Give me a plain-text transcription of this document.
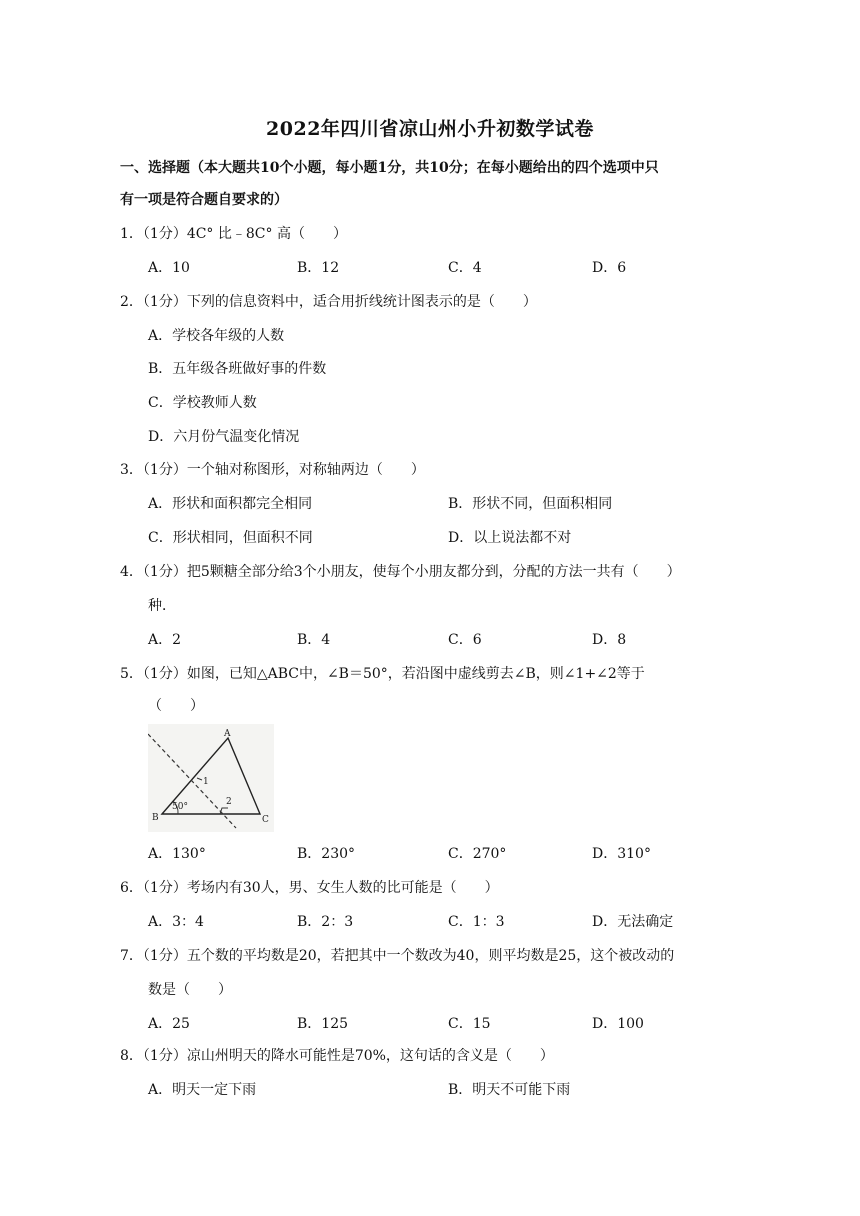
2022年四川省凉山州小升初数学试卷
一、选择题（本大题共10个小题，每小题1分，共10分；在每小题给出的四个选项中只
有一项是符合题自要求的）
1．（1分）4C° 比﹣8C° 高（　　）
A．10	B．12	C．4	D．6
2．（1分）下列的信息资料中，适合用折线统计图表示的是（　　）
A．学校各年级的人数
B．五年级各班做好事的件数
C．学校教师人数
D．六月份气温变化情况
3．（1分）一个轴对称图形，对称轴两边（　　）
A．形状和面积都完全相同	B．形状不同，但面积相同
C．形状相同，但面积不同	D．以上说法都不对
4．（1分）把5颗糖全部分给3个小朋友，使每个小朋友都分到，分配的方法一共有（　　）
种．
A．2	B．4	C．6	D．8
5．（1分）如图，已知△ABC中，∠B＝50°，若沿图中虚线剪去∠B，则∠1+∠2等于
（　　）
A
B	C
50°
1
2
A．130°	B．230°	C．270°	D．310°
6．（1分）考场内有30人，男、女生人数的比可能是（　　）
A．3：4	B．2：3	C．1：3	D．无法确定
7．（1分）五个数的平均数是20，若把其中一个数改为40，则平均数是25，这个被改动的
数是（　　）
A．25	B．125	C．15	D．100
8．（1分）凉山州明天的降水可能性是70%，这句话的含义是（　　）
A．明天一定下雨	B．明天不可能下雨
